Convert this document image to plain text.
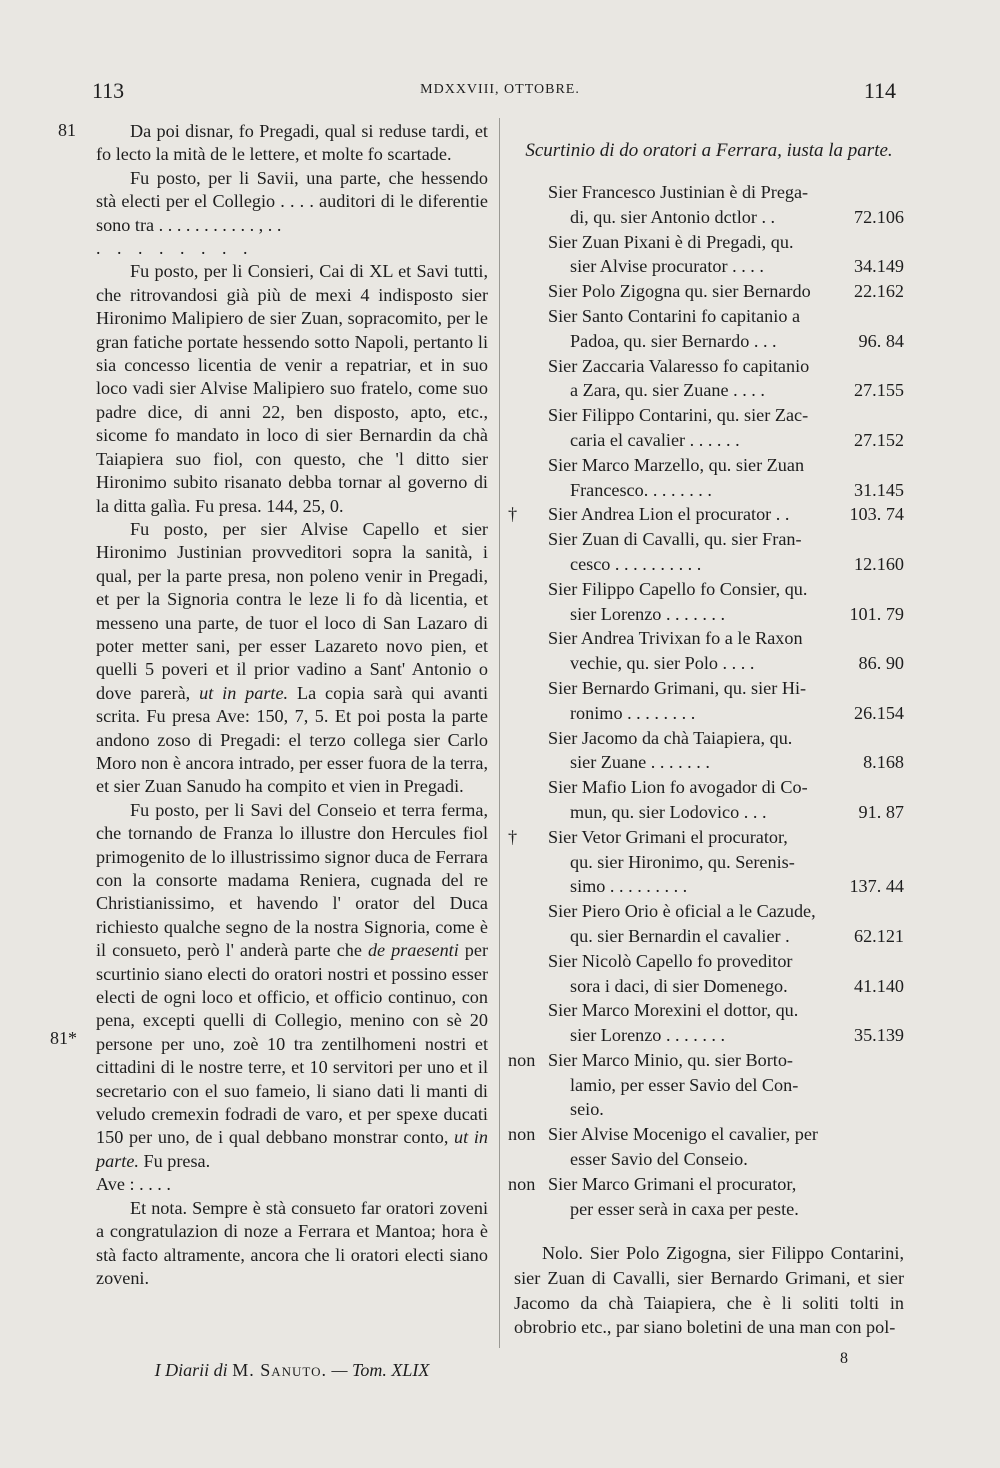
113	MDXXVIII, OTTOBRE.	114
81
81*

Da poi disnar, fo Pregadi, qual si reduse tardi, et fo lecto la mità de le lettere, et molte fo scartade.

Fu posto, per li Savii, una parte, che hessendo stà electi per el Collegio . . . . auditori di le diferentie sono tra . . . . . . . . . . . , . .

. . . . . . . .

Fu posto, per li Consieri, Cai di XL et Savi tutti, che ritrovandosi già più de mexi 4 indisposto sier Hironimo Malipiero de sier Zuan, sopracomito, per le gran fatiche portate hessendo sotto Napoli, pertanto li sia concesso licentia de venir a repatriar, et in suo loco vadi sier Alvise Malipiero suo fratelo, come suo padre dice, di anni 22, ben disposto, apto, etc., sicome fo mandato in loco di sier Bernardin da chà Taiapiera suo fiol, con questo, che 'l ditto sier Hironimo subito risanato debba tornar al governo di la ditta galìa. Fu presa. 144, 25, 0.

Fu posto, per sier Alvise Capello et sier Hironimo Justinian provveditori sopra la sanità, i qual, per la parte presa, non poleno venir in Pregadi, et per la Signoria contra le leze li fo dà licentia, et messeno una parte, de tuor el loco di San Lazaro di poter metter sani, per esser Lazareto novo pien, et quelli 5 poveri et il prior vadino a Sant' Antonio o dove parerà, ut in parte. La copia sarà qui avanti scrita. Fu presa Ave: 150, 7, 5. Et poi posta la parte andono zoso di Pregadi: el terzo collega sier Carlo Moro non è ancora intrado, per esser fuora de la terra, et sier Zuan Sanudo ha compito et vien in Pregadi.

Fu posto, per li Savi del Conseio et terra ferma, che tornando de Franza lo illustre don Hercules fiol primogenito de lo illustrissimo signor duca de Ferrara con la consorte madama Reniera, cugnada del re Christianissimo, et havendo l' orator del Duca richiesto qualche segno de la nostra Signoria, come è il consueto, però l' anderà parte che de praesenti per scurtinio siano electi do oratori nostri et possino esser electi de ogni loco et officio, et officio continuo, con pena, excepti quelli di Collegio, menino con sè 20 persone per uno, zoè 10 tra zentilhomeni nostri et cittadini di le nostre terre, et 10 servitori per uno et il secretario con el suo fameio, li siano dati li manti di veludo cremexin fodradi de varo, et per spexe ducati 150 per uno, de i qual debbano monstrar conto, ut in parte. Fu presa.
Ave : . . . .

Et nota. Sempre è stà consueto far oratori zoveni a congratulazion di noze a Ferrara et Mantoa; hora è stà facto altramente, ancora che li oratori electi siano zoveni.

Scurtinio di do oratori a Ferrara, iusta la parte.

Sier Francesco Justinian è di Prega-
di, qu. sier Antonio dctlor . .	72.106
Sier Zuan Pixani è di Pregadi, qu.
sier Alvise procurator . . . .	34.149
Sier Polo Zigogna qu. sier Bernardo	22.162
Sier Santo Contarini fo capitanio a
Padoa, qu. sier Bernardo . . .	96. 84
Sier Zaccaria Valaresso fo capitanio
a Zara, qu. sier Zuane . . . .	27.155
Sier Filippo Contarini, qu. sier Zac-
caria el cavalier . . . . . .	27.152
Sier Marco Marzello, qu. sier Zuan
Francesco. . . . . . . .	31.145
†	Sier Andrea Lion el procurator . .	103. 74
Sier Zuan di Cavalli, qu. sier Fran-
cesco . . . . . . . . . .	12.160
Sier Filippo Capello fo Consier, qu.
sier Lorenzo . . . . . . .	101. 79
Sier Andrea Trivixan fo a le Raxon
vechie, qu. sier Polo . . . .	86. 90
Sier Bernardo Grimani, qu. sier Hi-
ronimo . . . . . . . .	26.154
Sier Jacomo da chà Taiapiera, qu.
sier Zuane . . . . . . .	8.168
Sier Mafio Lion fo avogador di Co-
mun, qu. sier Lodovico . . .	91. 87
†	Sier Vetor Grimani el procurator,
qu. sier Hironimo, qu. Serenis-
simo . . . . . . . . .	137. 44
Sier Piero Orio è oficial a le Cazude,
qu. sier Bernardin el cavalier .	62.121
Sier Nicolò Capello fo proveditor
sora i daci, di sier Domenego.	41.140
Sier Marco Morexini el dottor, qu.
sier Lorenzo . . . . . . .	35.139
non Sier Marco Minio, qu. sier Borto-
lamio, per esser Savio del Con-
seio.
non Sier Alvise Mocenigo el cavalier, per
esser Savio del Conseio.
non Sier Marco Grimani el procurator,
per esser serà in caxa per peste.

Nolo. Sier Polo Zigogna, sier Filippo Contarini, sier Zuan di Cavalli, sier Bernardo Grimani, et sier Jacomo da chà Taiapiera, che è li soliti tolti in obrobrio etc., par siano boletini de una man con pol-

I Diarii di M. Sanuto. — Tom. XLIX
8
